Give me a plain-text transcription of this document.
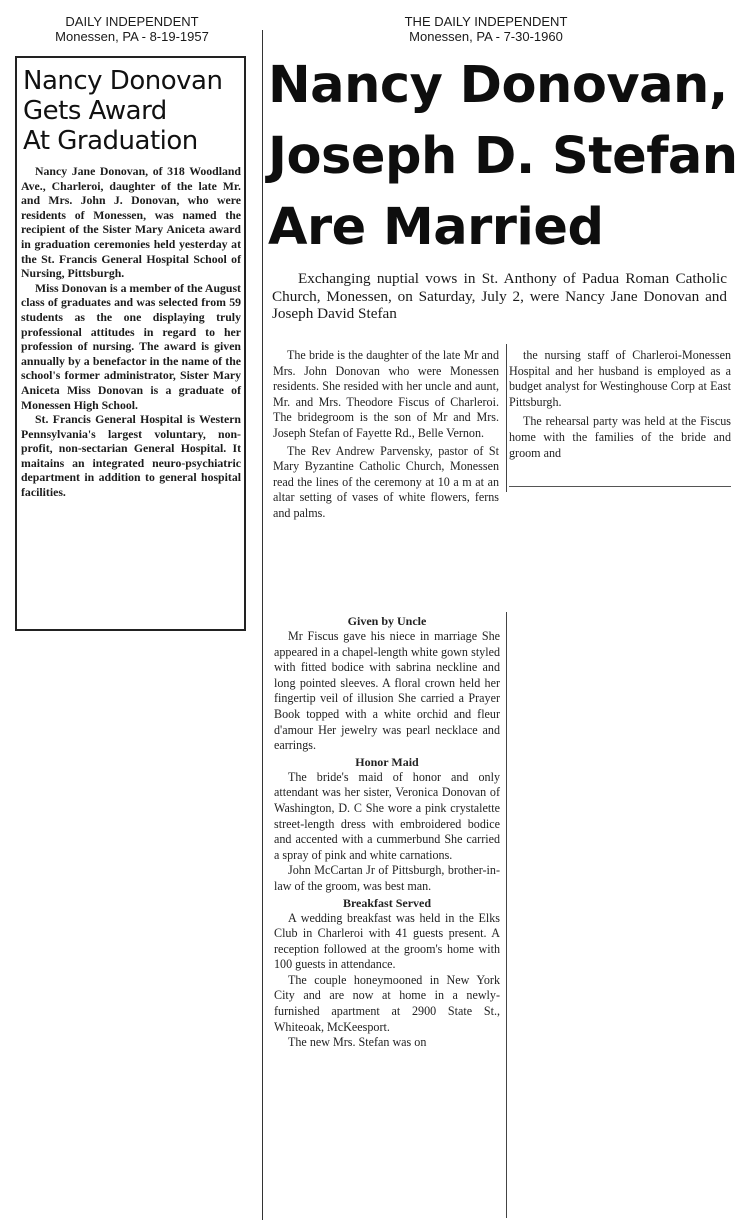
DAILY INDEPENDENT
Monessen, PA - 8-19-1957
Nancy Donovan
Gets Award
At Graduation

Nancy Jane Donovan, of 318 Woodland Ave., Charleroi, daughter of the late Mr. and Mrs. John J. Donovan, who were residents of Monessen, was named the recipient of the Sister Mary Aniceta award in graduation ceremonies held yesterday at the St. Francis General Hospital School of Nursing, Pittsburgh.

Miss Donovan is a member of the August class of graduates and was selected from 59 students as the one displaying truly professional attitudes in regard to her profession of nursing. The award is given annually by a benefactor in the name of the school's former administrator, Sister Mary Aniceta Miss Donovan is a graduate of Monessen High School.

St. Francis General Hospital is Western Pennsylvania's largest voluntary, non-profit, non-sectarian General Hospital. It maitains an integrated neuro-psychiatric department in addition to general hospital facilities.

THE DAILY INDEPENDENT
Monessen, PA - 7-30-1960
Nancy Donovan,
Joseph D. Stefan
Are Married

Exchanging nuptial vows in St. Anthony of Padua Roman Catholic Church, Monessen, on Saturday, July 2, were Nancy Jane Donovan and Joseph David Stefan

The bride is the daughter of the late Mr and Mrs. John Donovan who were Monessen residents. She resided with her uncle and aunt, Mr. and Mrs. Theodore Fiscus of Charleroi. The bridegroom is the son of Mr and Mrs. Joseph Stefan of Fayette Rd., Belle Vernon.

The Rev Andrew Parvensky, pastor of St Mary Byzantine Catholic Church, Monessen read the lines of the ceremony at 10 a m at an altar setting of vases of white flowers, ferns and palms.

Given by Uncle

Mr Fiscus gave his niece in marriage She appeared in a chapel-length white gown styled with fitted bodice with sabrina neckline and long pointed sleeves. A floral crown held her fingertip veil of illusion She carried a Prayer Book topped with a white orchid and fleur d'amour Her jewelry was pearl necklace and earrings.

Honor Maid

The bride's maid of honor and only attendant was her sister, Veronica Donovan of Washington, D. C She wore a pink crystalette street-length dress with embroidered bodice and accented with a cummerbund She carried a spray of pink and white carnations.

John McCartan Jr of Pittsburgh, brother-in-law of the groom, was best man.

Breakfast Served

A wedding breakfast was held in the Elks Club in Charleroi with 41 guests present. A reception followed at the groom's home with 100 guests in attendance.

The couple honeymooned in New York City and are now at home in a newly-furnished apartment at 2900 State St., Whiteoak, McKeesport.

The new Mrs. Stefan was on

the nursing staff of Charleroi-Monessen Hospital and her husband is employed as a budget analyst for Westinghouse Corp at East Pittsburgh.

The rehearsal party was held at the Fiscus home with the families of the bride and groom and
